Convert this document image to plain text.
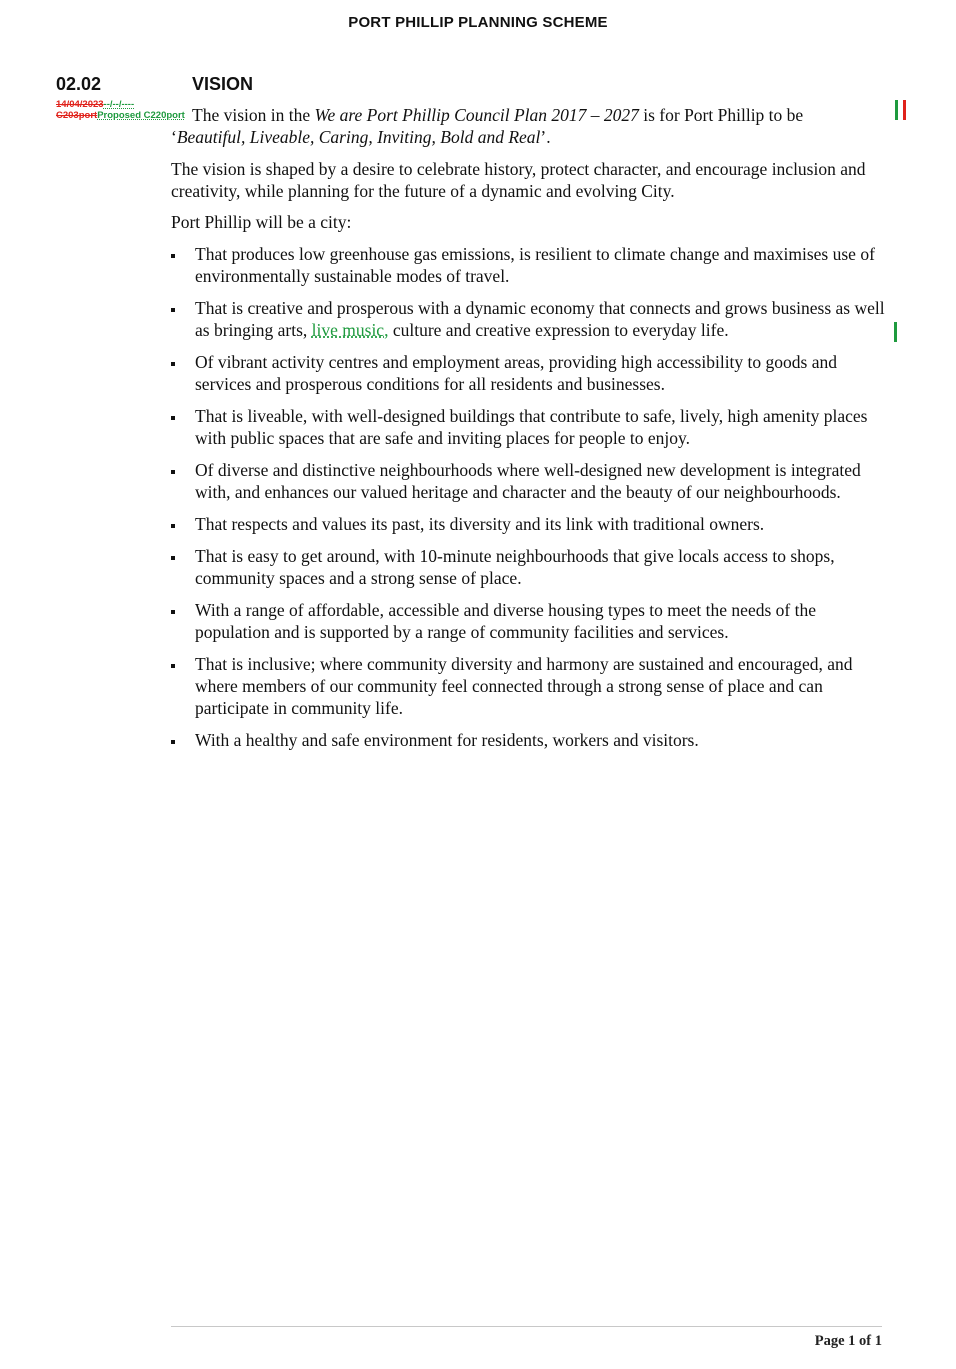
PORT PHILLIP PLANNING SCHEME
02.02	VISION
14/04/2023--/--/----
C203portProposed C220port The vision in the We are Port Phillip Council Plan 2017 – 2027 is for Port Phillip to be
‘Beautiful, Liveable, Caring, Inviting, Bold and Real’.
The vision is shaped by a desire to celebrate history, protect character, and encourage inclusion and creativity, while planning for the future of a dynamic and evolving City.
Port Phillip will be a city:
That produces low greenhouse gas emissions, is resilient to climate change and maximises use of environmentally sustainable modes of travel.
That is creative and prosperous with a dynamic economy that connects and grows business as well as bringing arts, live music, culture and creative expression to everyday life.
Of vibrant activity centres and employment areas, providing high accessibility to goods and services and prosperous conditions for all residents and businesses.
That is liveable, with well-designed buildings that contribute to safe, lively, high amenity places with public spaces that are safe and inviting places for people to enjoy.
Of diverse and distinctive neighbourhoods where well-designed new development is integrated with, and enhances our valued heritage and character and the beauty of our neighbourhoods.
That respects and values its past, its diversity and its link with traditional owners.
That is easy to get around, with 10-minute neighbourhoods that give locals access to shops, community spaces and a strong sense of place.
With a range of affordable, accessible and diverse housing types to meet the needs of the population and is supported by a range of community facilities and services.
That is inclusive; where community diversity and harmony are sustained and encouraged, and where members of our community feel connected through a strong sense of place and can participate in community life.
With a healthy and safe environment for residents, workers and visitors.
Page 1 of 1
